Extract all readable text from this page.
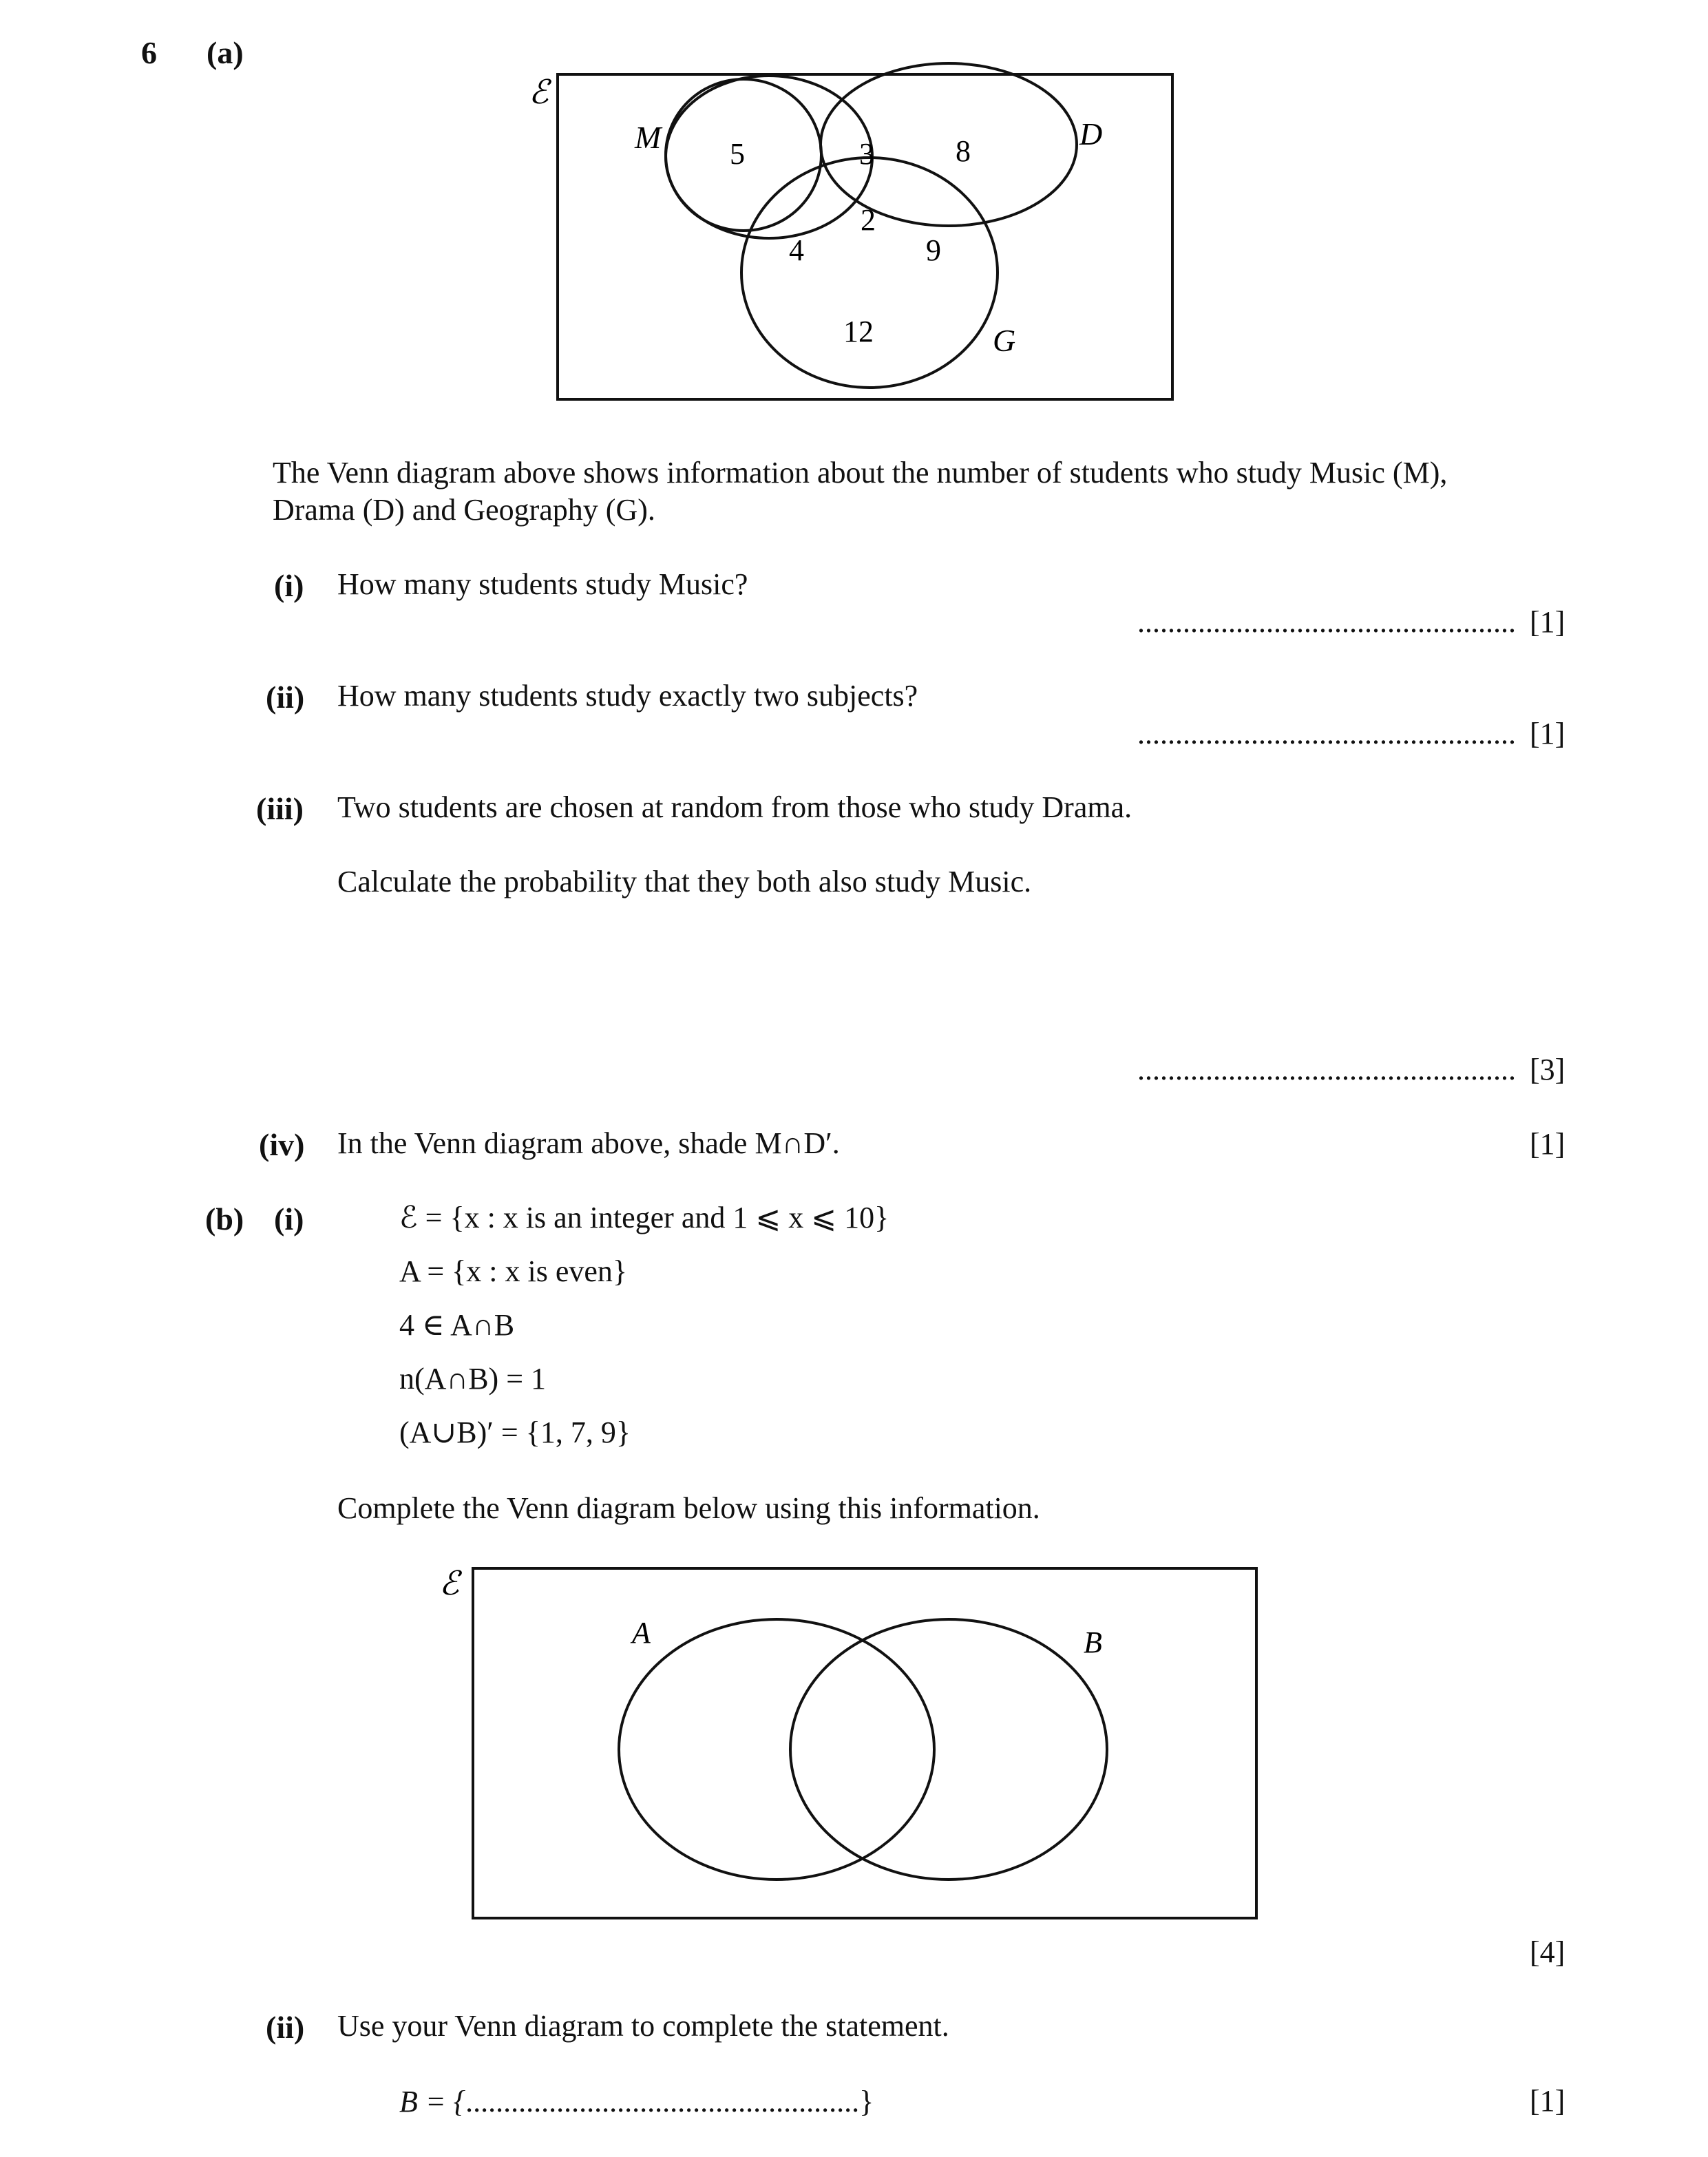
6 (a)
ℰ
M	D
G
5	3	8
2
4	9
12
The Venn diagram above shows information about the number of students who study Music (M),
Drama (D) and Geography (G).
(i) How many students study Music?
.................................................. [1]
(ii) How many students study exactly two subjects?
.................................................. [1]
(iii) Two students are chosen at random from those who study Drama.
Calculate the probability that they both also study Music.
.................................................. [3]
(iv) In the Venn diagram above, shade M∩D′.	[1]
(b) (i)	ℰ = {x : x is an integer and 1 ⩽ x ⩽ 10}
A = {x : x is even}
4 ∈ A∩B
n(A∩B) = 1
(A∪B)′ = {1, 7, 9}
Complete the Venn diagram below using this information.
ℰ
A	B
[4]
(ii) Use your Venn diagram to complete the statement.
B = {....................................................}	[1]
